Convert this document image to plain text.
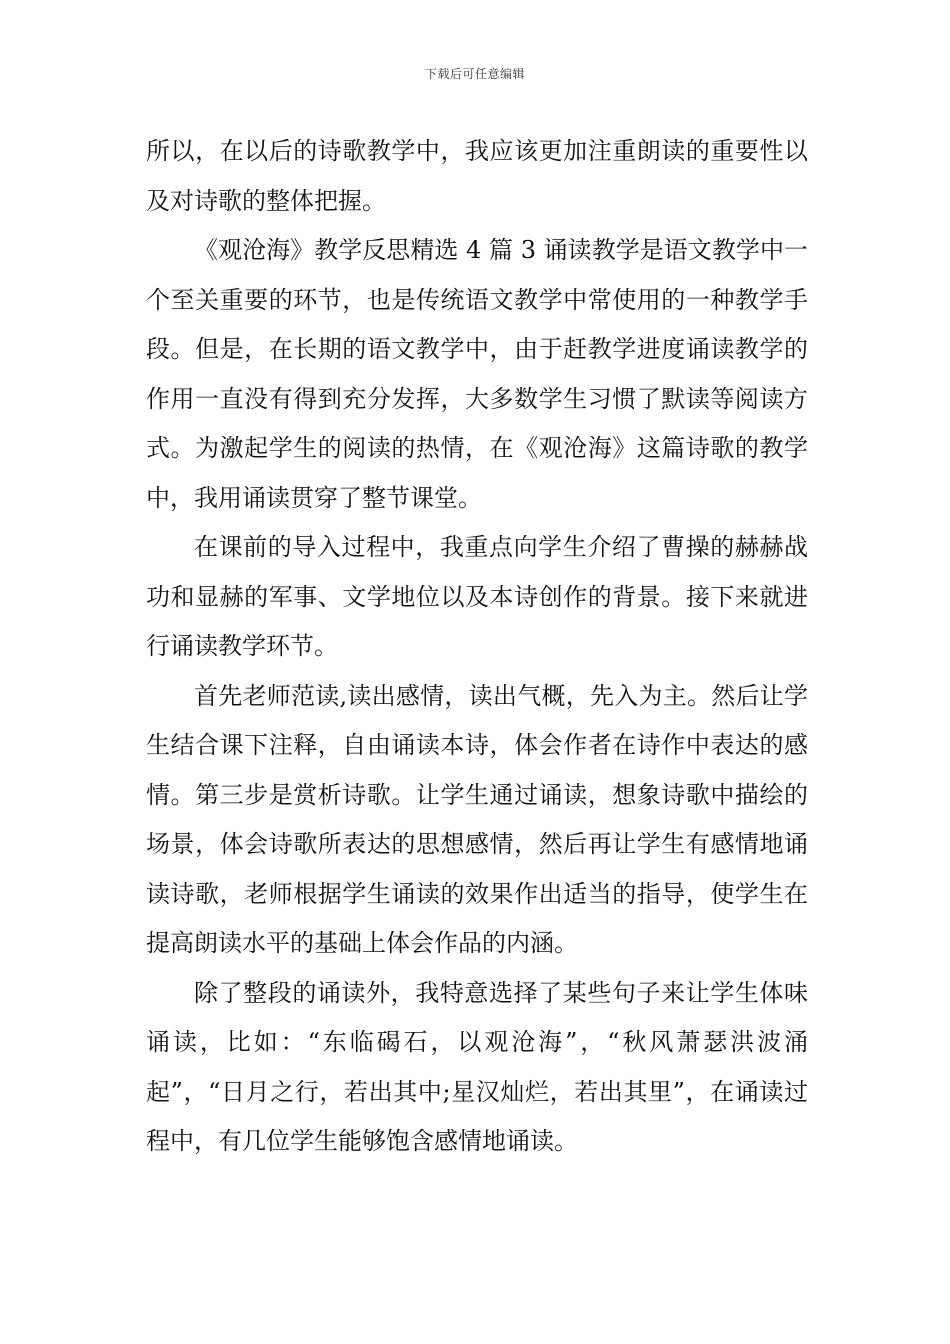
下载后可任意编辑

所以，在以后的诗歌教学中，我应该更加注重朗读的重要性以及对诗歌的整体把握。

《观沧海》教学反思精选 4 篇 3 诵读教学是语文教学中一个至关重要的环节，也是传统语文教学中常使用的一种教学手段。但是，在长期的语文教学中，由于赶教学进度诵读教学的作用一直没有得到充分发挥，大多数学生习惯了默读等阅读方式。为激起学生的阅读的热情，在《观沧海》这篇诗歌的教学中，我用诵读贯穿了整节课堂。

在课前的导入过程中，我重点向学生介绍了曹操的赫赫战功和显赫的军事、文学地位以及本诗创作的背景。接下来就进行诵读教学环节。

首先老师范读,读出感情，读出气概，先入为主。然后让学生结合课下注释，自由诵读本诗，体会作者在诗作中表达的感情。第三步是赏析诗歌。让学生通过诵读，想象诗歌中描绘的场景，体会诗歌所表达的思想感情，然后再让学生有感情地诵读诗歌，老师根据学生诵读的效果作出适当的指导，使学生在提高朗读水平的基础上体会作品的内涵。

除了整段的诵读外，我特意选择了某些句子来让学生体味诵读，比如：“东临碣石，以观沧海”，“秋风萧瑟洪波涌起”，“日月之行，若出其中;星汉灿烂，若出其里”，在诵读过程中，有几位学生能够饱含感情地诵读。
